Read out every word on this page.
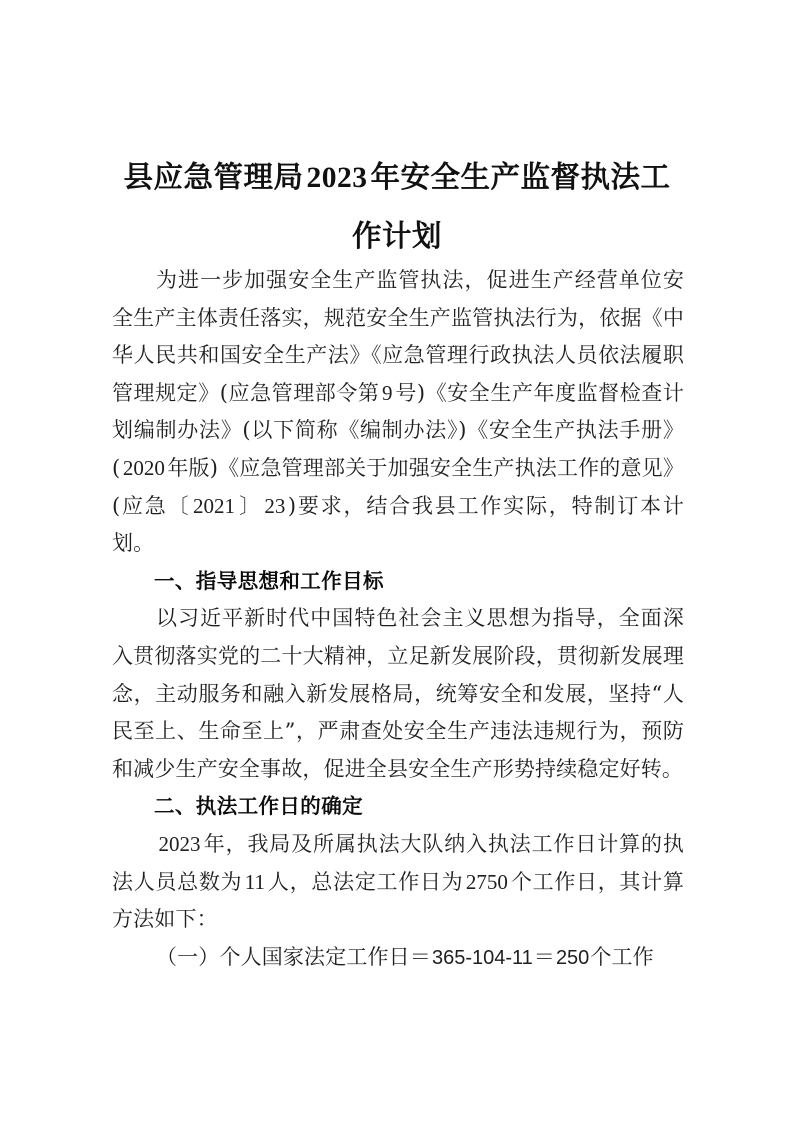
县应急管理局 2023 年安全生产监督执法工
作计划

为进一步加强安全生产监管执法，促进生产经营单位安全生产主体责任落实，规范安全生产监管执法行为，依据《中华人民共和国安全生产法》《应急管理行政执法人员依法履职管理规定》(应急管理部令第 9 号)《安全生产年度监督检查计划编制办法》(以下简称《编制办法》)《安全生产执法手册》( 2020 年版)《应急管理部关于加强安全生产执法工作的意见》(应急〔 2021 〕 23 )要求，结合我县工作实际，特制订本计划。

一、指导思想和工作目标

以习近平新时代中国特色社会主义思想为指导，全面深入贯彻落实党的二十大精神，立足新发展阶段，贯彻新发展理念，主动服务和融入新发展格局，统筹安全和发展，坚持“人民至上、生命至上”，严肃查处安全生产违法违规行为，预防和减少生产安全事故，促进全县安全生产形势持续稳定好转。

二、执法工作日的确定

2023 年，我局及所属执法大队纳入执法工作日计算的执法人员总数为 11 人，总法定工作日为 2750 个工作日，其计算方法如下：

（一）个人国家法定工作日＝365-104-11＝250个工作
